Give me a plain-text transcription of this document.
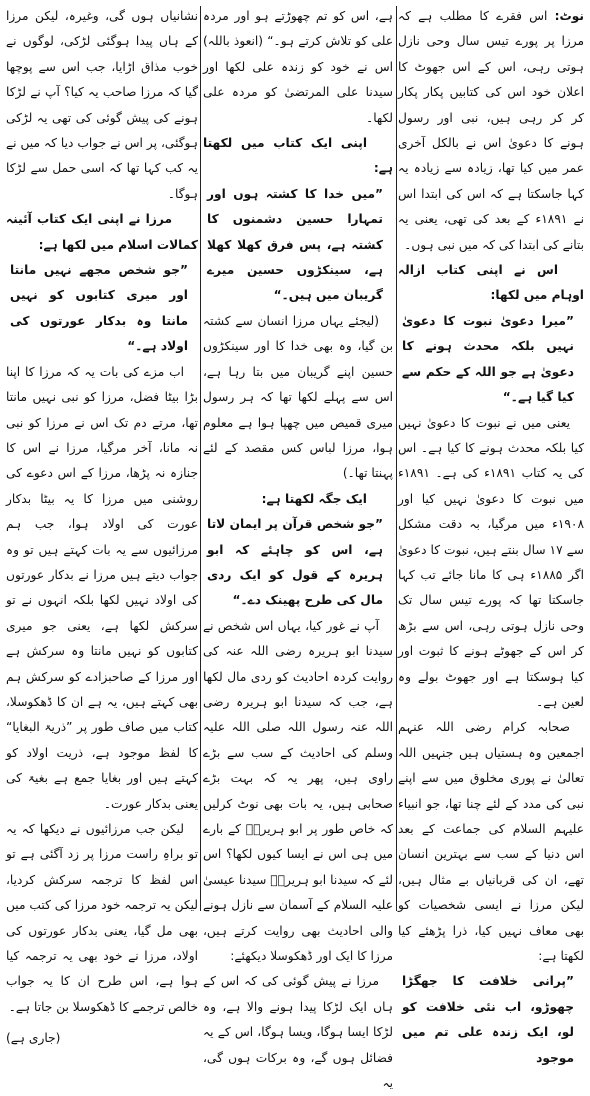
نوٹ: اس فقرے کا مطلب ہے کہ مرزا پر پورے تیس سال وحی نازل ہوتی رہی، اس کے اس جھوٹ کا اعلان خود اس کی کتابیں پکار پکار کر کر رہی ہیں، نبی اور رسول ہونے کا دعویٰ اس نے بالکل آخری عمر میں کیا تھا، زیادہ سے زیادہ یہ کہا جاسکتا ہے کہ اس کی ابتدا اس نے ۱۸۹۱ء کے بعد کی تھی، یعنی یہ بتانے کی ابتدا کی کہ میں نبی ہوں۔

اس نے اپنی کتاب ازالہ اوہام میں لکھا:

”میرا دعویٰ نبوت کا دعویٰ نہیں بلکہ محدث ہونے کا دعویٰ ہے جو اللہ کے حکم سے کیا گیا ہے۔“

یعنی میں نے نبوت کا دعویٰ نہیں کیا بلکہ محدث ہونے کا کیا ہے۔ اس کی یہ کتاب ۱۸۹۱ء کی ہے۔ ۱۸۹۱ء میں نبوت کا دعویٰ نہیں کیا اور ۱۹۰۸ء میں مرگیا، بہ دقت مشکل سے ۱۷ سال بنتے ہیں، نبوت کا دعویٰ اگر ۱۸۸۵ء ہی کا مانا جائے تب کہا جاسکتا تھا کہ پورے تیس سال تک وحی نازل ہوتی رہی، اس سے بڑھ کر اس کے جھوٹے ہونے کا ثبوت اور کیا ہوسکتا ہے اور جھوٹ بولے وہ لعین ہے۔

صحابہ کرام رضی اللہ عنہم اجمعین وہ ہستیاں ہیں جنہیں اللہ تعالیٰ نے پوری مخلوق میں سے اپنے نبی کی مدد کے لئے چنا تھا، جو انبیاء علیہم السلام کی جماعت کے بعد اس دنیا کے سب سے بہترین انسان تھے، ان کی قربانیاں بے مثال ہیں، لیکن مرزا نے ایسی شخصیات کو بھی معاف نہیں کیا، ذرا پڑھئے کیا لکھتا ہے:

”پرانی خلافت کا جھگڑا چھوڑو، اب نئی خلافت کو لو، ایک زندہ علی تم میں موجود

ہے، اس کو تم چھوڑتے ہو اور مردہ علی کو تلاش کرتے ہو۔“ (انعوذ باللہ) اس نے خود کو زندہ علی لکھا اور سیدنا علی المرتضیٰ کو مردہ علی لکھا۔

اپنی ایک کتاب میں لکھتا ہے:

”میں خدا کا کشتہ ہوں اور تمہارا حسین دشمنوں کا کشتہ ہے، پس فرق کھلا کھلا ہے، سینکڑوں حسین میرے گریبان میں ہیں۔“

(لیجئے یہاں مرزا انسان سے کشتہ بن گیا، وہ بھی خدا کا اور سینکڑوں حسین اپنے گریبان میں بتا رہا ہے، اس سے پہلے لکھا تھا کہ ہر رسول میری قمیص میں چھپا ہوا ہے معلوم ہوا، مرزا لباس کس مقصد کے لئے پہنتا تھا۔)

ایک جگہ لکھتا ہے:

”جو شخص قرآن پر ایمان لاتا ہے، اس کو چاہئے کہ ابو ہریرہ کے قول کو ایک ردی مال کی طرح پھینک دے۔“

آپ نے غور کیا، یہاں اس شخص نے سیدنا ابو ہریرہ رضی اللہ عنہ کی روایت کردہ احادیث کو ردی مال لکھا ہے، جب کہ سیدنا ابو ہریرہ رضی اللہ عنہ رسول اللہ صلی اللہ علیہ وسلم کی احادیث کے سب سے بڑے راوی ہیں، پھر یہ کہ بہت بڑے صحابی ہیں، یہ بات بھی نوٹ کرلیں کہ خاص طور پر ابو ہریرہؓ کے بارے میں ہی اس نے ایسا کیوں لکھا؟ اس لئے کہ سیدنا ابو ہریرہؓ سیدنا عیسیٰ علیہ السلام کے آسمان سے نازل ہونے والی احادیث بھی روایت کرتے ہیں، مرزا کا ایک اور ڈھکوسلا دیکھئے:

مرزا نے پیش گوئی کی کہ اس کے ہاں ایک لڑکا پیدا ہونے والا ہے، وہ لڑکا ایسا ہوگا، ویسا ہوگا، اس کے یہ فضائل ہوں گے، وہ برکات ہوں گی، یہ

نشانیاں ہوں گی، وغیرہ، لیکن مرزا کے ہاں پیدا ہوگئی لڑکی، لوگوں نے خوب مذاق اڑایا، جب اس سے پوچھا گیا کہ مرزا صاحب یہ کیا؟ آپ نے لڑکا ہونے کی پیش گوئی کی تھی یہ لڑکی ہوگئی، پر اس نے جواب دیا کہ میں نے یہ کب کہا تھا کہ اسی حمل سے لڑکا ہوگا۔

مرزا نے اپنی ایک کتاب آئینہ کمالات اسلام میں لکھا ہے:

”جو شخص مجھے نہیں مانتا اور میری کتابوں کو نہیں مانتا وہ بدکار عورتوں کی اولاد ہے۔“

اب مزے کی بات یہ کہ مرزا کا اپنا بڑا بیٹا فضل، مرزا کو نبی نہیں مانتا تھا، مرتے دم تک اس نے مرزا کو نبی نہ مانا، آخر مرگیا، مرزا نے اس کا جنازہ نہ پڑھا، مرزا کے اس دعوے کی روشنی میں مرزا کا یہ بیٹا بدکار عورت کی اولاد ہوا، جب ہم مرزائیوں سے یہ بات کہتے ہیں تو وہ جواب دیتے ہیں مرزا نے بدکار عورتوں کی اولاد نہیں لکھا بلکہ انہوں نے تو سرکش لکھا ہے، یعنی جو میری کتابوں کو نہیں مانتا وہ سرکش ہے اور مرزا کے صاحبزادے کو سرکش ہم بھی کہتے ہیں، یہ ہے ان کا ڈھکوسلا، کتاب میں صاف طور پر ”ذریۃ البغایا“ کا لفظ موجود ہے، ذریت اولاد کو کہتے ہیں اور بغایا جمع ہے بغیۃ کی یعنی بدکار عورت۔

لیکن جب مرزائیوں نے دیکھا کہ یہ تو براہِ راست مرزا پر زد آگئی ہے تو اس لفظ کا ترجمہ سرکش کردیا، لیکن یہ ترجمہ خود مرزا کی کتب میں بھی مل گیا، یعنی بدکار عورتوں کی اولاد، مرزا نے خود بھی یہ ترجمہ کیا ہوا ہے، اس طرح ان کا یہ جواب خالص ترجمے کا ڈھکوسلا بن جاتا ہے۔

(جاری ہے)
